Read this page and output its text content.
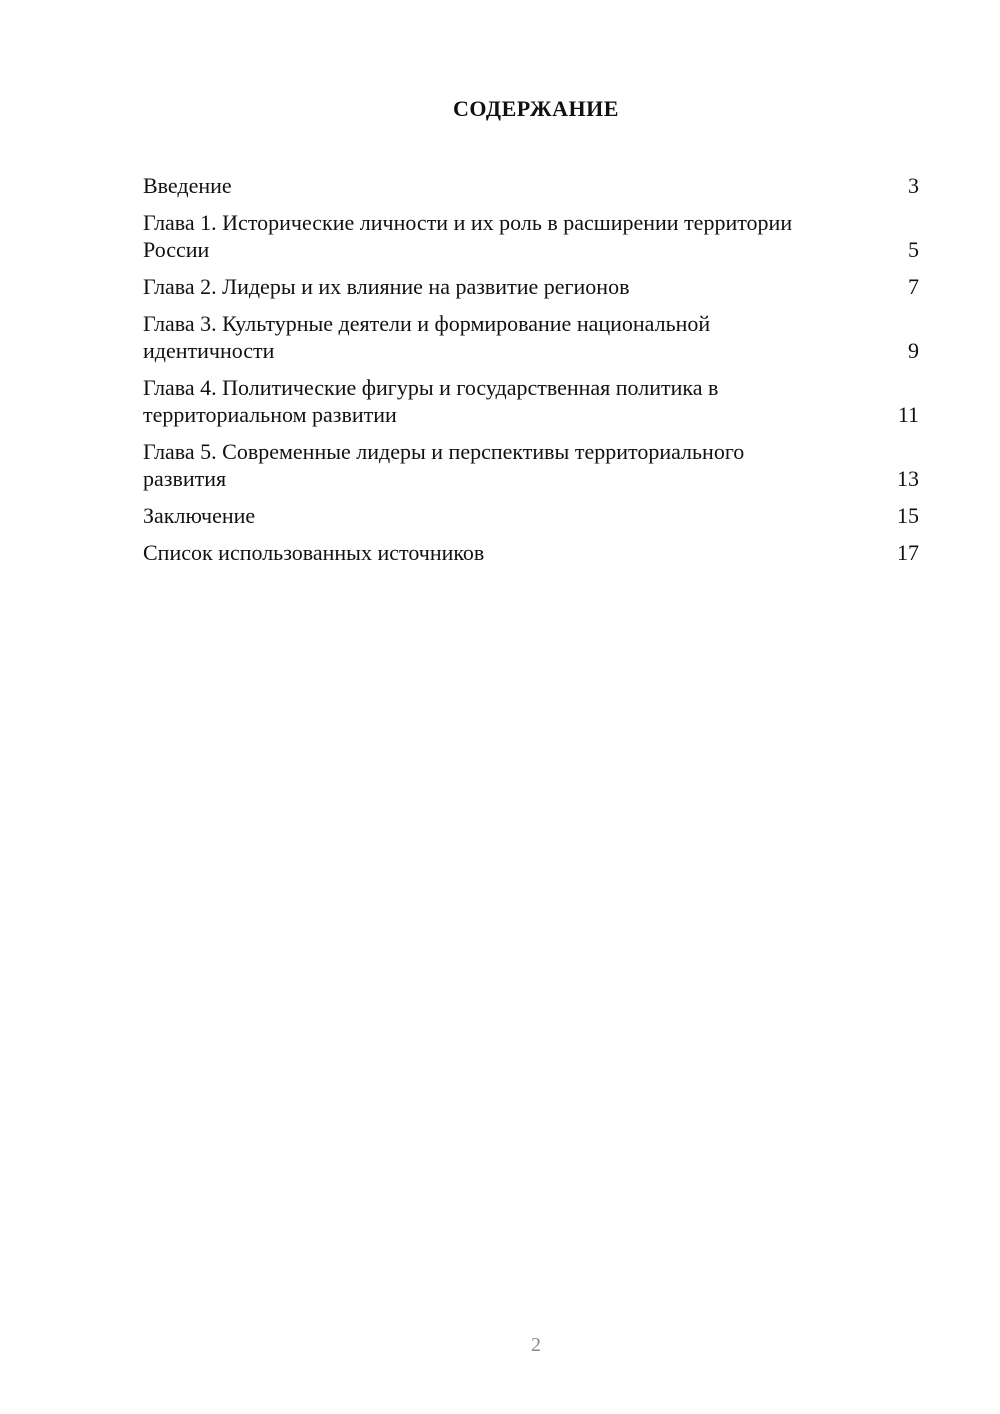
СОДЕРЖАНИЕ
Введение	3
Глава 1. Исторические личности и их роль в расширении территории России	5
Глава 2. Лидеры и их влияние на развитие регионов	7
Глава 3. Культурные деятели и формирование национальной идентичности	9
Глава 4. Политические фигуры и государственная политика в территориальном развитии	11
Глава 5. Современные лидеры и перспективы территориального развития	13
Заключение	15
Список использованных источников	17
2
